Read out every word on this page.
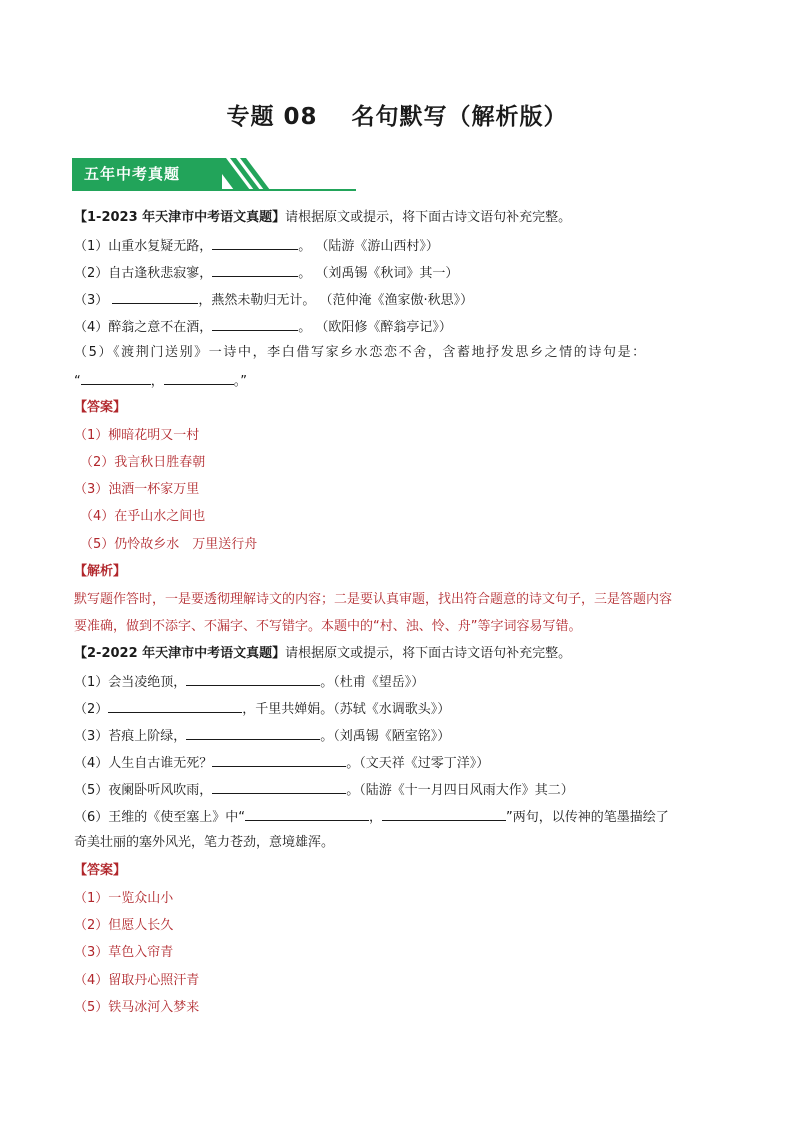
专题 08 名句默写（解析版）
五年中考真题
【1-2023 年天津市中考语文真题】请根据原文或提示，将下面古诗文语句补充完整。
（1）山重水复疑无路，	。 （陆游《游山西村》）
（2）自古逢秋悲寂寥，	。 （刘禹锡《秋词》其一）
（3）	，燕然未勒归无计。 （范仲淹《渔家傲·秋思》）
（4）醉翁之意不在酒，	。 （欧阳修《醉翁亭记》）
（5）《渡荆门送别》一诗中，李白借写家乡水恋恋不舍，含蓄地抒发思乡之情的诗句是：
“	，	。”
【答案】
（1）柳暗花明又一村
（2）我言秋日胜春朝
（3）浊酒一杯家万里
（4）在乎山水之间也
（5）仍怜故乡水　万里送行舟
【解析】
默写题作答时，一是要透彻理解诗文的内容；二是要认真审题，找出符合题意的诗文句子，三是答题内容
要准确，做到不添字、不漏字、不写错字。本题中的“村、浊、怜、舟”等字词容易写错。
【2-2022 年天津市中考语文真题】请根据原文或提示，将下面古诗文语句补充完整。
（1）会当凌绝顶，	。（杜甫《望岳》）
（2）	，千里共婵娟。（苏轼《水调歌头》）
（3）苔痕上阶绿，	。（刘禹锡《陋室铭》）
（4）人生自古谁无死？	。（文天祥《过零丁洋》）
（5）夜阑卧听风吹雨，	。（陆游《十一月四日风雨大作》其二）
（6）王维的《使至塞上》中“	，	”两句，以传神的笔墨描绘了
奇美壮丽的塞外风光，笔力苍劲，意境雄浑。
【答案】
（1）一览众山小
（2）但愿人长久
（3）草色入帘青
（4）留取丹心照汗青
（5）铁马冰河入梦来
